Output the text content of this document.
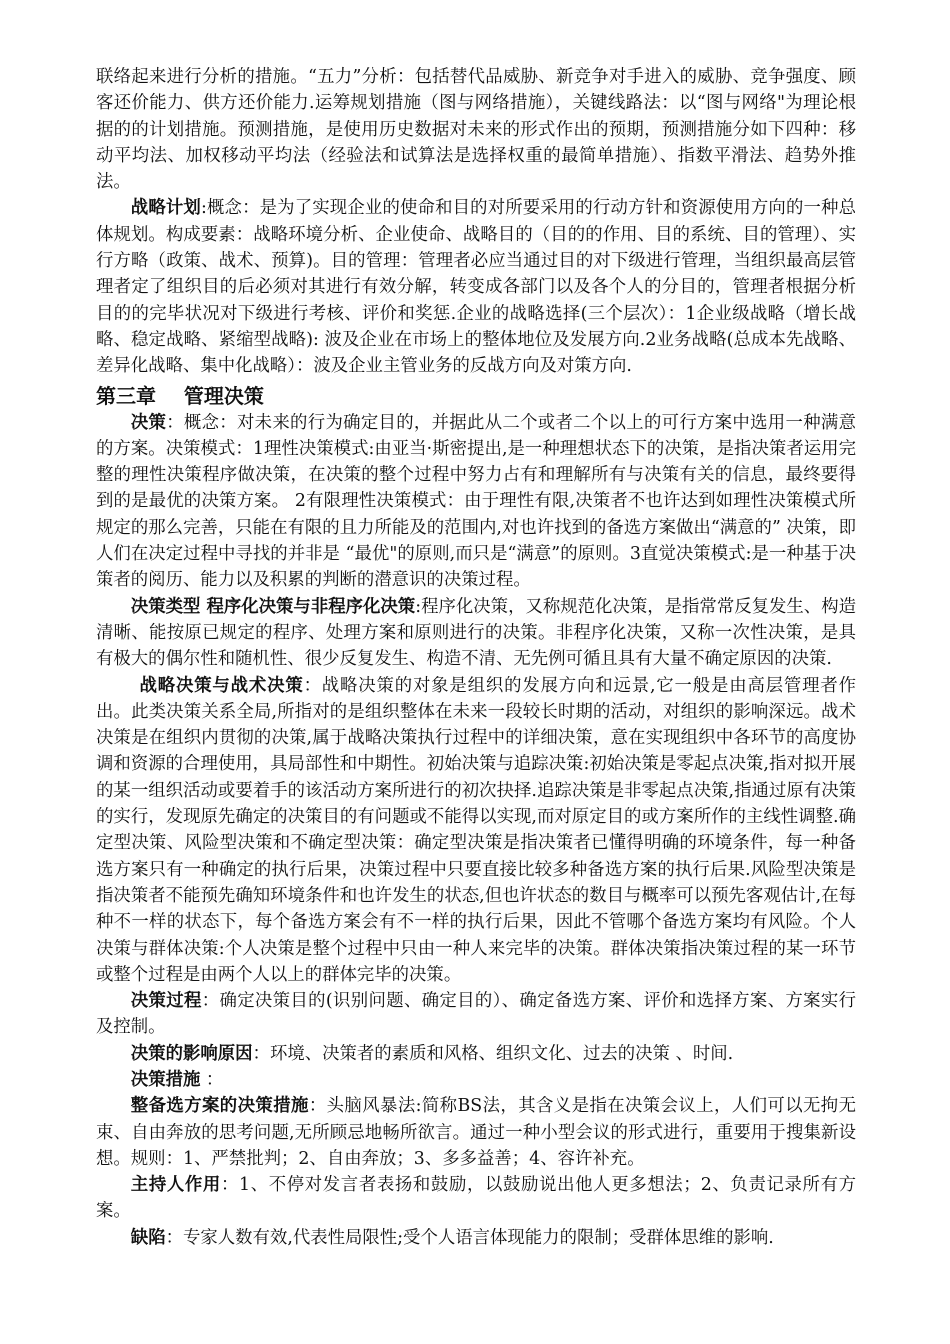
联络起来进行分析的措施。“五力”分析：包括替代品威胁、新竞争对手进入的威胁、竞争强度、顾客还价能力、供方还价能力.运筹规划措施（图与网络措施），关键线路法：以“图与网络"为理论根据的的计划措施。预测措施，是使用历史数据对未来的形式作出的预期，预测措施分如下四种：移动平均法、加权移动平均法（经验法和试算法是选择权重的最简单措施）、指数平滑法、趋势外推法。

战略计划:概念：是为了实现企业的使命和目的对所要采用的行动方针和资源使用方向的一种总体规划。构成要素：战略环境分析、企业使命、战略目的（目的的作用、目的系统、目的管理）、实行方略（政策、战术、预算)。目的管理：管理者必应当通过目的对下级进行管理，当组织最高层管理者定了组织目的后必须对其进行有效分解，转变成各部门以及各个人的分目的，管理者根据分析目的的完毕状况对下级进行考核、评价和奖惩.企业的战略选择(三个层次）：1企业级战略（增长战略、稳定战略、紧缩型战略): 波及企业在市场上的整体地位及发展方向.2业务战略(总成本先战略、差异化战略、集中化战略）：波及企业主管业务的反战方向及对策方向.

第三章    管理决策

决策：概念：对未来的行为确定目的，并据此从二个或者二个以上的可行方案中选用一种满意的方案。决策模式：1理性决策模式:由亚当·斯密提出,是一种理想状态下的决策，是指决策者运用完整的理性决策程序做决策，在决策的整个过程中努力占有和理解所有与决策有关的信息，最终要得到的是最优的决策方案。 2有限理性决策模式：由于理性有限,决策者不也许达到如理性决策模式所规定的那么完善，只能在有限的且力所能及的范围内,对也许找到的备选方案做出“满意的” 决策，即人们在决定过程中寻找的并非是 “最优"的原则,而只是“满意”的原则。3直觉决策模式:是一种基于决策者的阅历、能力以及积累的判断的潜意识的决策过程。

决策类型 程序化决策与非程序化决策:程序化决策，又称规范化决策，是指常常反复发生、构造清晰、能按原已规定的程序、处理方案和原则进行的决策。非程序化决策，又称一次性决策，是具有极大的偶尔性和随机性、很少反复发生、构造不清、无先例可循且具有大量不确定原因的决策.

战略决策与战术决策：战略决策的对象是组织的发展方向和远景,它一般是由高层管理者作出。此类决策关系全局,所指对的是组织整体在未来一段较长时期的活动，对组织的影响深远。战术决策是在组织内贯彻的决策,属于战略决策执行过程中的详细决策，意在实现组织中各环节的高度协调和资源的合理使用，具局部性和中期性。初始决策与追踪决策:初始决策是零起点决策,指对拟开展的某一组织活动或要着手的该活动方案所进行的初次抉择.追踪决策是非零起点决策,指通过原有决策的实行，发现原先确定的决策目的有问题或不能得以实现,而对原定目的或方案所作的主线性调整.确定型决策、风险型决策和不确定型决策：确定型决策是指决策者已懂得明确的环境条件，每一种备选方案只有一种确定的执行后果，决策过程中只要直接比较多种备选方案的执行后果.风险型决策是指决策者不能预先确知环境条件和也许发生的状态,但也许状态的数目与概率可以预先客观估计,在每种不一样的状态下，每个备选方案会有不一样的执行后果，因此不管哪个备选方案均有风险。个人决策与群体决策:个人决策是整个过程中只由一种人来完毕的决策。群体决策指决策过程的某一环节或整个过程是由两个人以上的群体完毕的决策。

决策过程：确定决策目的(识别问题、确定目的）、确定备选方案、评价和选择方案、方案实行及控制。

决策的影响原因：环境、决策者的素质和风格、组织文化、过去的决策 、时间.

决策措施 ：

整备选方案的决策措施：头脑风暴法:简称BS法，其含义是指在决策会议上，人们可以无拘无束、自由奔放的思考问题,无所顾忌地畅所欲言。通过一种小型会议的形式进行，重要用于搜集新设想。规则：1、严禁批判；2、自由奔放；3、多多益善；4、容许补充。

主持人作用：1、不停对发言者表扬和鼓励，以鼓励说出他人更多想法；2、负责记录所有方案。

缺陷：专家人数有效,代表性局限性;受个人语言体现能力的限制；受群体思维的影响.
